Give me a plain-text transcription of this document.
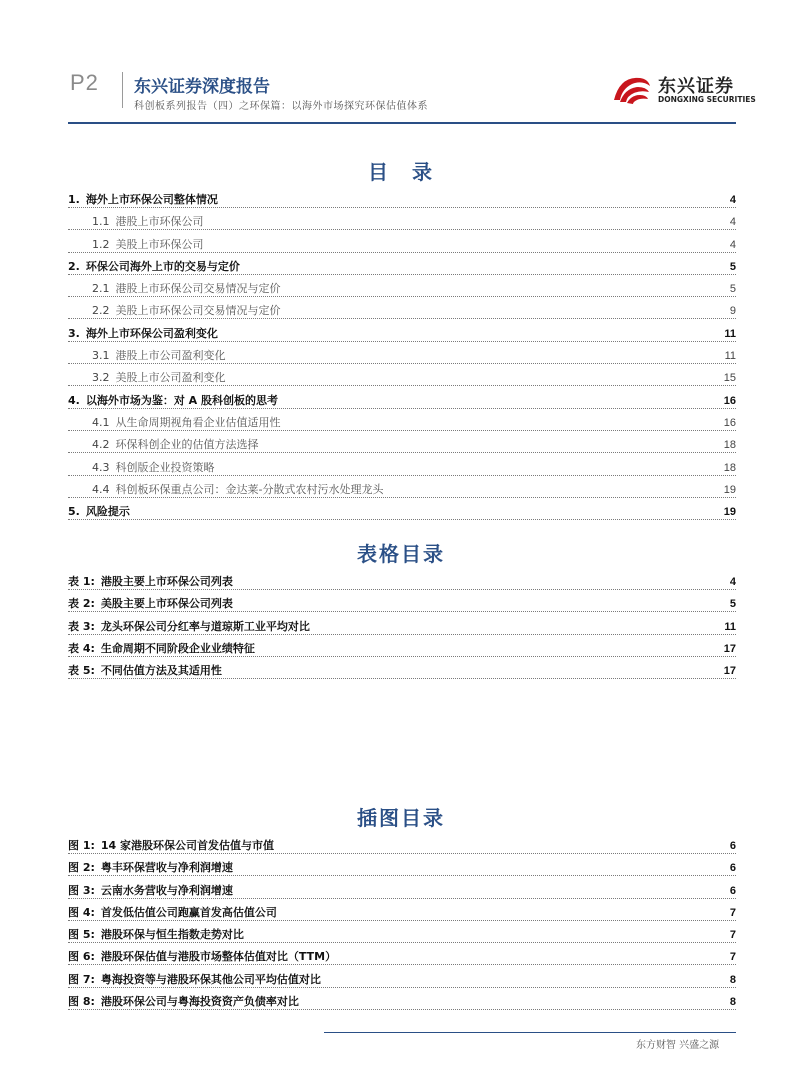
P2 东兴证券深度报告
科创板系列报告（四）之环保篇：以海外市场探究环保估值体系
东兴证券
DONGXING SECURITIES
目　录
1. 海外上市环保公司整体情况	4
1.1 港股上市环保公司	4
1.2 美股上市环保公司	4
2. 环保公司海外上市的交易与定价	5
2.1 港股上市环保公司交易情况与定价	5
2.2 美股上市环保公司交易情况与定价	9
3. 海外上市环保公司盈利变化	11
3.1 港股上市公司盈利变化	11
3.2 美股上市公司盈利变化	15
4. 以海外市场为鉴：对 A 股科创板的思考	16
4.1 从生命周期视角看企业估值适用性	16
4.2 环保科创企业的估值方法选择	18
4.3 科创版企业投资策略	18
4.4 科创板环保重点公司：金达莱-分散式农村污水处理龙头	19
5. 风险提示	19
表格目录
表 1: 港股主要上市环保公司列表	4
表 2: 美股主要上市环保公司列表	5
表 3: 龙头环保公司分红率与道琼斯工业平均对比	11
表 4: 生命周期不同阶段企业业绩特征	17
表 5: 不同估值方法及其适用性	17
插图目录
图 1: 14 家港股环保公司首发估值与市值	6
图 2: 粤丰环保营收与净利润增速	6
图 3: 云南水务营收与净利润增速	6
图 4: 首发低估值公司跑赢首发高估值公司	7
图 5: 港股环保与恒生指数走势对比	7
图 6: 港股环保估值与港股市场整体估值对比（TTM）	7
图 7: 粤海投资等与港股环保其他公司平均估值对比	8
图 8: 港股环保公司与粤海投资资产负债率对比	8
东方财智 兴盛之源
